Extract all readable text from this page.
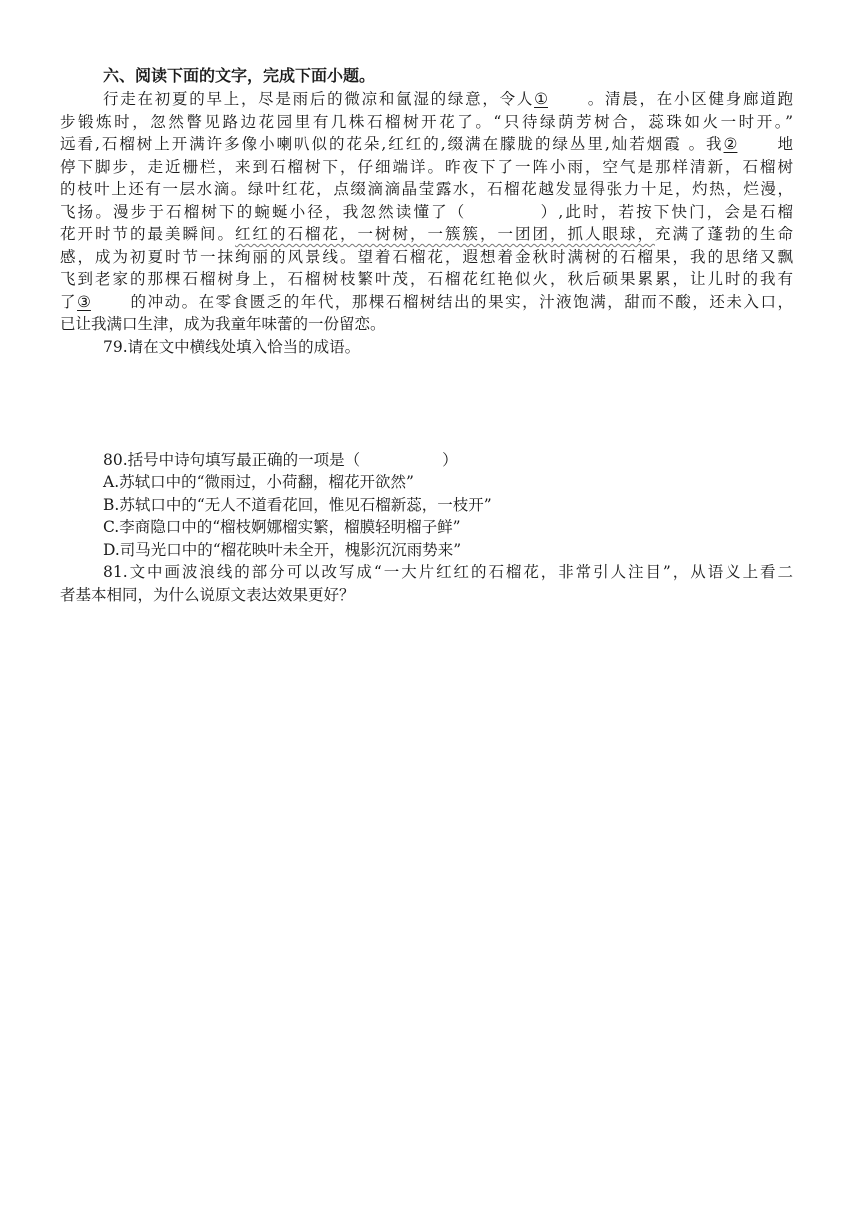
六、阅读下面的文字，完成下面小题。
行走在初夏的早上，尽是雨后的微凉和氤湿的绿意，令人① 。清晨，在小区健身廊道跑
步锻炼时，忽然瞥见路边花园里有几株石榴树开花了。“只待绿荫芳树合，蕊珠如火一时开。”
远看,石榴树上开满许多像小喇叭似的花朵,红红的,缀满在朦胧的绿丛里,灿若烟霞 。我② 地
停下脚步，走近栅栏，来到石榴树下，仔细端详。昨夜下了一阵小雨，空气是那样清新，石榴树
的枝叶上还有一层水滴。绿叶红花，点缀滴滴晶莹露水，石榴花越发显得张力十足，灼热，烂漫，
飞扬。漫步于石榴树下的蜿蜒小径，我忽然读懂了（	）,此时，若按下快门，会是石榴
花开时节的最美瞬间。红红的石榴花，一树树，一簇簇，一团团，抓人眼球，充满了蓬勃的生命
感，成为初夏时节一抹绚丽的风景线。望着石榴花，遐想着金秋时满树的石榴果，我的思绪又飘
飞到老家的那棵石榴树身上，石榴树枝繁叶茂，石榴花红艳似火，秋后硕果累累，让儿时的我有
了③ 的冲动。在零食匮乏的年代，那棵石榴树结出的果实，汁液饱满，甜而不酸，还未入口，
已让我满口生津，成为我童年味蕾的一份留恋。
79.请在文中横线处填入恰当的成语。
80.括号中诗句填写最正确的一项是（	）
A.苏轼口中的“微雨过，小荷翻，榴花开欲然”
B.苏轼口中的“无人不道看花回，惟见石榴新蕊，一枝开”
C.李商隐口中的“榴枝婀娜榴实繁，榴膜轻明榴子鲜”
D.司马光口中的“榴花映叶未全开，槐影沉沉雨势来”
81.文中画波浪线的部分可以改写成“一大片红红的石榴花，非常引人注目”，从语义上看二
者基本相同，为什么说原文表达效果更好？
